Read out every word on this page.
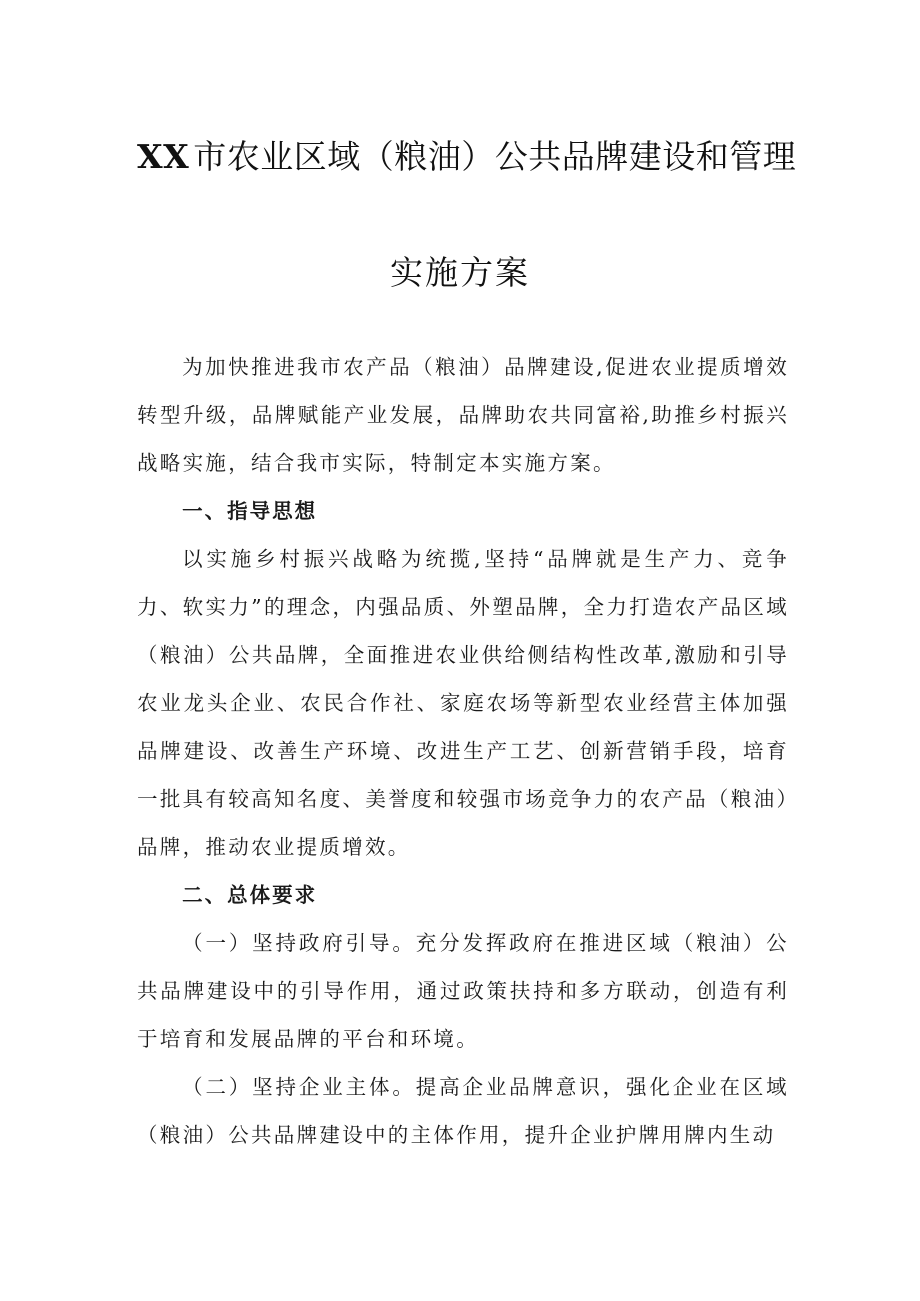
XX 市农业区域（粮油）公共品牌建设和管理
实施方案

为加快推进我市农产品（粮油）品牌建设,促进农业提质增效转型升级，品牌赋能产业发展，品牌助农共同富裕,助推乡村振兴战略实施，结合我市实际，特制定本实施方案。

一、指导思想

以实施乡村振兴战略为统揽,坚持“品牌就是生产力、竞争力、软实力”的理念，内强品质、外塑品牌，全力打造农产品区域（粮油）公共品牌，全面推进农业供给侧结构性改革,激励和引导农业龙头企业、农民合作社、家庭农场等新型农业经营主体加强品牌建设、改善生产环境、改进生产工艺、创新营销手段，培育一批具有较高知名度、美誉度和较强市场竞争力的农产品（粮油）品牌，推动农业提质增效。

二、总体要求

（一）坚持政府引导。充分发挥政府在推进区域（粮油）公共品牌建设中的引导作用，通过政策扶持和多方联动，创造有利于培育和发展品牌的平台和环境。

（二）坚持企业主体。提高企业品牌意识，强化企业在区域（粮油）公共品牌建设中的主体作用，提升企业护牌用牌内生动
